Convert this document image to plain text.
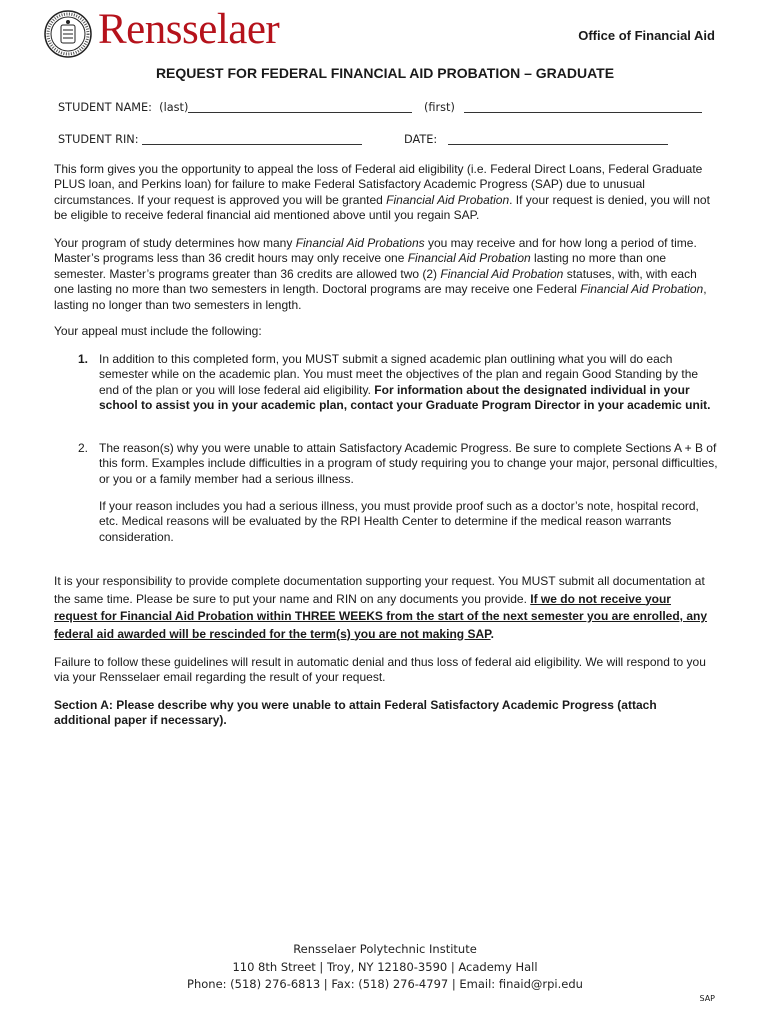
Rensselaer	Office of Financial Aid
REQUEST FOR FEDERAL FINANCIAL AID PROBATION – GRADUATE
STUDENT NAME:  (last)	(first)
STUDENT RIN:	DATE:

This form gives you the opportunity to appeal the loss of Federal aid eligibility (i.e. Federal Direct Loans, Federal Graduate PLUS loan, and Perkins loan) for failure to make Federal Satisfactory Academic Progress (SAP) due to unusual circumstances. If your request is approved you will be granted Financial Aid Probation. If your request is denied, you will not be eligible to receive federal financial aid mentioned above until you regain SAP.

Your program of study determines how many Financial Aid Probations you may receive and for how long a period of time. Master’s programs less than 36 credit hours may only receive one Financial Aid Probation lasting no more than one semester. Master’s programs greater than 36 credits are allowed two (2) Financial Aid Probation statuses, with, with each one lasting no more than two semesters in length. Doctoral programs are may receive one Federal Financial Aid Probation, lasting no longer than two semesters in length.

Your appeal must include the following:

1. In addition to this completed form, you MUST submit a signed academic plan outlining what you will do each semester while on the academic plan. You must meet the objectives of the plan and regain Good Standing by the end of the plan or you will lose federal aid eligibility. For information about the designated individual in your school to assist you in your academic plan, contact your Graduate Program Director in your academic unit.
2. The reason(s) why you were unable to attain Satisfactory Academic Progress. Be sure to complete Sections A + B of this form. Examples include difficulties in a program of study requiring you to change your major, personal difficulties, or you or a family member had a serious illness.
If your reason includes you had a serious illness, you must provide proof such as a doctor’s note, hospital record, etc. Medical reasons will be evaluated by the RPI Health Center to determine if the medical reason warrants consideration.

It is your responsibility to provide complete documentation supporting your request. You MUST submit all documentation at the same time. Please be sure to put your name and RIN on any documents you provide. If we do not receive your request for Financial Aid Probation within THREE WEEKS from the start of the next semester you are enrolled, any federal aid awarded will be rescinded for the term(s) you are not making SAP.

Failure to follow these guidelines will result in automatic denial and thus loss of federal aid eligibility. We will respond to you via your Rensselaer email regarding the result of your request.

Section A: Please describe why you were unable to attain Federal Satisfactory Academic Progress (attach additional paper if necessary).

Rensselaer Polytechnic Institute
110 8th Street | Troy, NY 12180-3590 | Academy Hall
Phone: (518) 276-6813 | Fax: (518) 276-4797 | Email: finaid@rpi.edu
SAP
